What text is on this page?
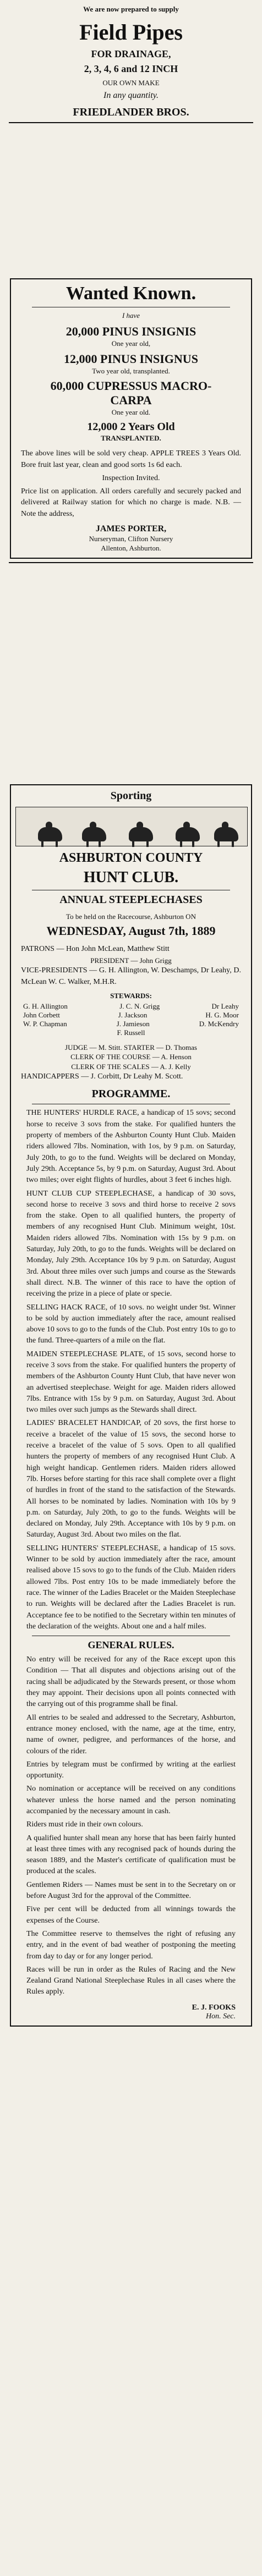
We are now prepared to supply
Field Pipes
FOR DRAINAGE,
2, 3, 4, 6 and 12 INCH
OUR OWN MAKE
In any quantity.
FRIEDLANDER BROS.
Wanted Known.
I have
20,000 PINUS INSIGNIS
One year old,
12,000 PINUS INSIGNUS
Two year old, transplanted.
60,000 CUPRESSUS MACRO-
CARPA
One year old.
12,000 2 Years Old
TRANSPLANTED.
The above lines will be sold very cheap. APPLE TREES 3 Years Old. Bore fruit last year, clean and good sorts 1s 6d each.
Inspection Invited.
Price list on application. All orders carefully and securely packed and delivered at Railway station for which no charge is made. N.B. — Note the address,
JAMES PORTER,
Nurseryman, Clifton Nursery
Allenton, Ashburton.
Sporting
ASHBURTON COUNTY
HUNT CLUB.
ANNUAL STEEPLECHASES
To be held on the Racecourse, Ashburton ON
WEDNESDAY, August 7th, 1889
PATRONS — Hon John McLean, Matthew Stitt
PRESIDENT — John Grigg
VICE-PRESIDENTS — G. H. Allington, W. Deschamps, Dr Leahy, D. McLean W. C. Walker, M.H.R.
STEWARDS:
G. H. Allington	J. C. N. Grigg	Dr Leahy
John Corbett	J. Jackson	H. G. Moor
W. P. Chapman	J. Jamieson	D. McKendry
F. Russell
JUDGE — M. Stitt. STARTER — D. Thomas
CLERK OF THE COURSE — A. Henson
CLERK OF THE SCALES — A. J. Kelly
HANDICAPPERS — J. Corbitt, Dr Leahy M. Scott.
PROGRAMME.

THE HUNTERS' HURDLE RACE, a handicap of 15 sovs; second horse to receive 3 sovs from the stake. For qualified hunters the property of members of the Ashburton County Hunt Club. Maiden riders allowed 7lbs. Nomination, with 1os, by 9 p.m. on Saturday, July 20th, to go to the fund. Weights will be declared on Monday, July 29th. Acceptance 5s, by 9 p.m. on Saturday, August 3rd. About two miles; over eight flights of hurdles, about 3 feet 6 inches high.

HUNT CLUB CUP STEEPLECHASE, a handicap of 30 sovs, second horse to receive 3 sovs and third horse to receive 2 sovs from the stake. Open to all qualified hunters, the property of members of any recognised Hunt Club. Minimum weight, 10st. Maiden riders allowed 7lbs. Nomination with 15s by 9 p.m. on Saturday, July 20th, to go to the funds. Weights will be declared on Monday, July 29th. Acceptance 10s by 9 p.m. on Saturday, August 3rd. About three miles over such jumps and course as the Stewards shall direct. N.B. The winner of this race to have the option of receiving the prize in a piece of plate or specie.

SELLING HACK RACE, of 10 sovs. no weight under 9st. Winner to be sold by auction immediately after the race, amount realised above 10 sovs to go to the funds of the Club. Post entry 10s to go to the fund. Three-quarters of a mile on the flat.

MAIDEN STEEPLECHASE PLATE, of 15 sovs, second horse to receive 3 sovs from the stake. For qualified hunters the property of members of the Ashburton County Hunt Club, that have never won an advertised steeplechase. Weight for age. Maiden riders allowed 7lbs. Entrance with 15s by 9 p.m. on Saturday, August 3rd. About two miles over such jumps as the Stewards shall direct.

LADIES' BRACELET HANDICAP, of 20 sovs, the first horse to receive a bracelet of the value of 15 sovs, the second horse to receive a bracelet of the value of 5 sovs. Open to all qualified hunters the property of members of any recognised Hunt Club. A high weight handicap. Gentlemen riders. Maiden riders allowed 7lb. Horses before starting for this race shall complete over a flight of hurdles in front of the stand to the satisfaction of the Stewards. All horses to be nominated by ladies. Nomination with 10s by 9 p.m. on Saturday, July 20th, to go to the funds. Weights will be declared on Monday, July 29th. Acceptance with 10s by 9 p.m. on Saturday, August 3rd. About two miles on the flat.

SELLING HUNTERS' STEEPLECHASE, a handicap of 15 sovs. Winner to be sold by auction immediately after the race, amount realised above 15 sovs to go to the funds of the Club. Maiden riders allowed 7lbs. Post entry 10s to be made immediately before the race. The winner of the Ladies Bracelet or the Maiden Steeplechase to run. Weights will be declared after the Ladies Bracelet is run. Acceptance fee to be notified to the Secretary within ten minutes of the declaration of the weights. About one and a half miles.

GENERAL RULES.

No entry will be received for any of the Race except upon this Condition — That all disputes and objections arising out of the racing shall be adjudicated by the Stewards present, or those whom they may appoint. Their decisions upon all points connected with the carrying out of this programme shall be final.

All entries to be sealed and addressed to the Secretary, Ashburton, entrance money enclosed, with the name, age at the time, entry, name of owner, pedigree, and performances of the horse, and colours of the rider.

Entries by telegram must be confirmed by writing at the earliest opportunity.

No nomination or acceptance will be received on any conditions whatever unless the horse named and the person nominating accompanied by the necessary amount in cash.

Riders must ride in their own colours.

A qualified hunter shall mean any horse that has been fairly hunted at least three times with any recognised pack of hounds during the season 1889, and the Master's certificate of qualification must be produced at the scales.

Gentlemen Riders — Names must be sent in to the Secretary on or before August 3rd for the approval of the Committee.

Five per cent will be deducted from all winnings towards the expenses of the Course.

The Committee reserve to themselves the right of refusing any entry, and in the event of bad weather of postponing the meeting from day to day or for any longer period.

Races will be run in order as the Rules of Racing and the New Zealand Grand National Steeplechase Rules in all cases where the Rules apply.

E. J. FOOKS
Hon. Sec.
